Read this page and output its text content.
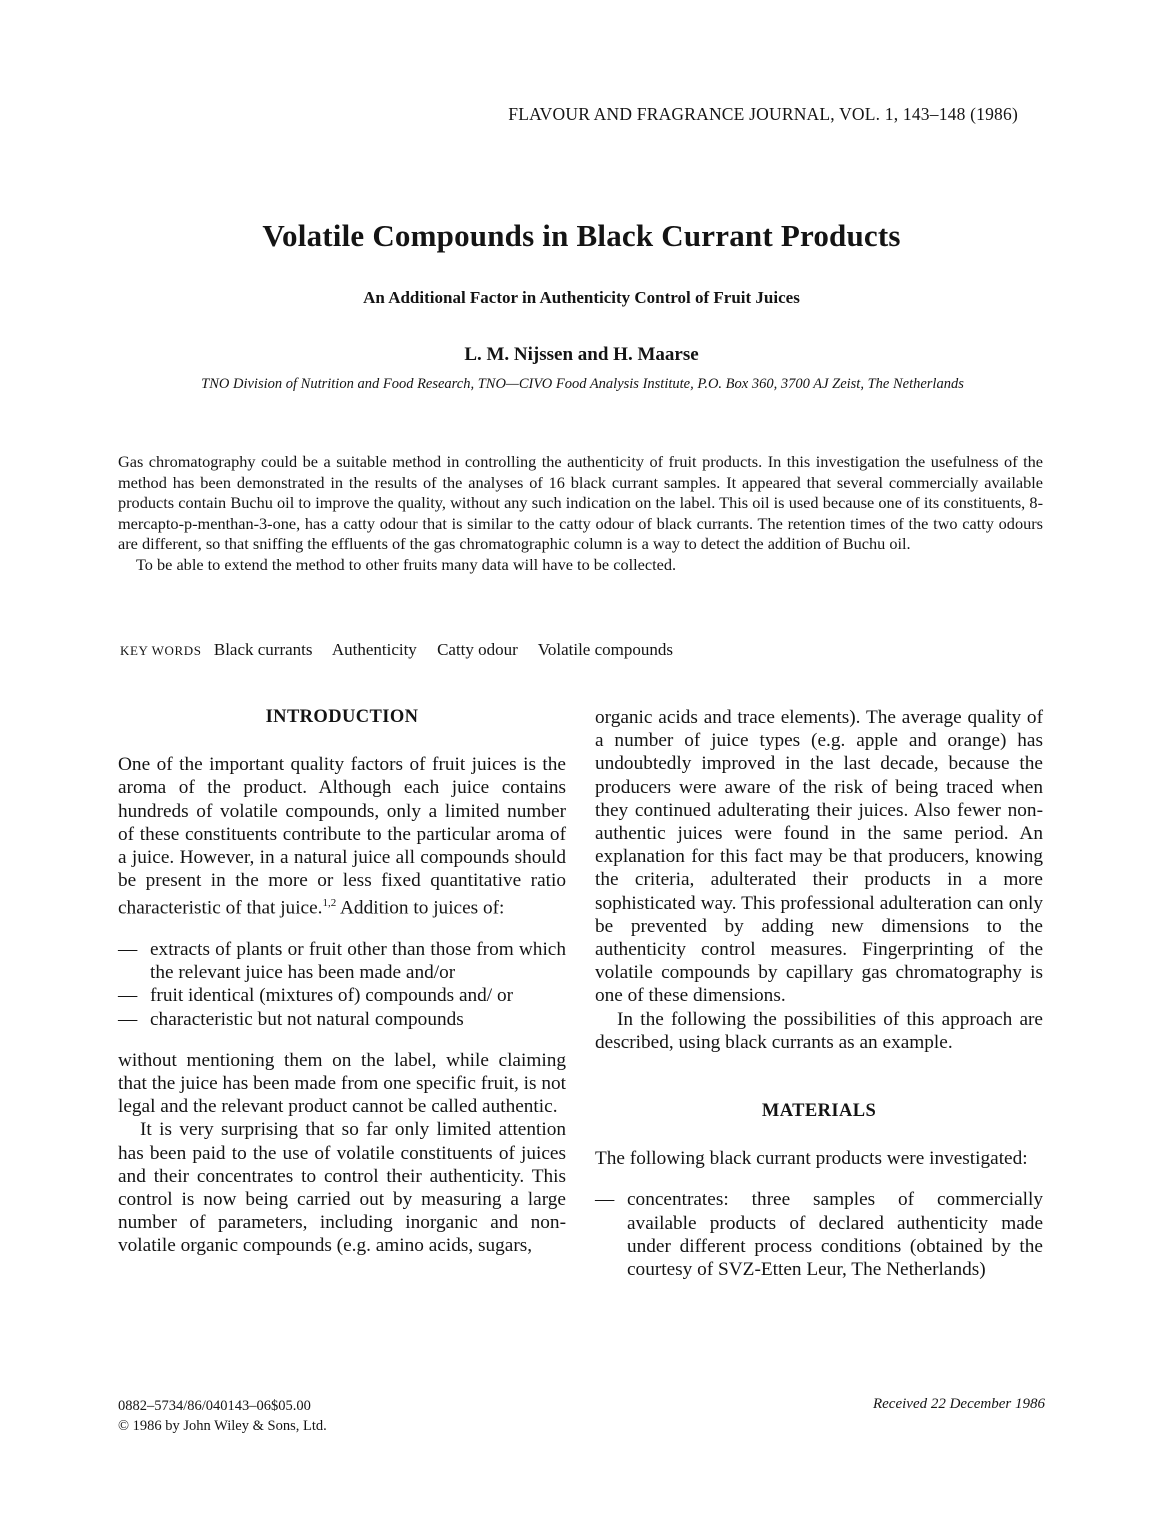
FLAVOUR AND FRAGRANCE JOURNAL, VOL. 1, 143–148 (1986)
Volatile Compounds in Black Currant Products
An Additional Factor in Authenticity Control of Fruit Juices
L. M. Nijssen and H. Maarse
TNO Division of Nutrition and Food Research, TNO—CIVO Food Analysis Institute, P.O. Box 360, 3700 AJ Zeist, The Netherlands

Gas chromatography could be a suitable method in controlling the authenticity of fruit products. In this investigation the usefulness of the method has been demonstrated in the results of the analyses of 16 black currant samples. It appeared that several commercially available products contain Buchu oil to improve the quality, without any such indication on the label. This oil is used because one of its constituents, 8-mercapto-p-menthan-3-one, has a catty odour that is similar to the catty odour of black currants. The retention times of the two catty odours are different, so that sniffing the effluents of the gas chromatographic column is a way to detect the addition of Buchu oil.

To be able to extend the method to other fruits many data will have to be collected.

KEY WORDS Black currants Authenticity Catty odour Volatile compounds
INTRODUCTION

One of the important quality factors of fruit juices is the aroma of the product. Although each juice contains hundreds of volatile compounds, only a limited number of these constituents contribute to the particular aroma of a juice. However, in a natural juice all compounds should be present in the more or less fixed quantitative ratio characteristic of that juice.$^{1,2}$ Addition to juices of:

— extracts of plants or fruit other than those from which the relevant juice has been made and/or
— fruit identical (mixtures of) compounds and/ or
— characteristic but not natural compounds

without mentioning them on the label, while claiming that the juice has been made from one specific fruit, is not legal and the relevant product cannot be called authentic.

It is very surprising that so far only limited attention has been paid to the use of volatile constituents of juices and their concentrates to control their authenticity. This control is now being carried out by measuring a large number of parameters, including inorganic and non-volatile organic compounds (e.g. amino acids, sugars,

organic acids and trace elements). The average quality of a number of juice types (e.g. apple and orange) has undoubtedly improved in the last decade, because the producers were aware of the risk of being traced when they continued adulterating their juices. Also fewer non-authentic juices were found in the same period. An explanation for this fact may be that producers, knowing the criteria, adulterated their products in a more sophisticated way. This professional adulteration can only be prevented by adding new dimensions to the authenticity control measures. Fingerprinting of the volatile compounds by capillary gas chromatography is one of these dimensions.

In the following the possibilities of this approach are described, using black currants as an example.

MATERIALS

The following black currant products were investigated:

— concentrates: three samples of commercially available products of declared authenticity made under different process conditions (obtained by the courtesy of SVZ-Etten Leur, The Netherlands)
0882–5734/86/040143–06$05.00
© 1986 by John Wiley & Sons, Ltd.
Received 22 December 1986
